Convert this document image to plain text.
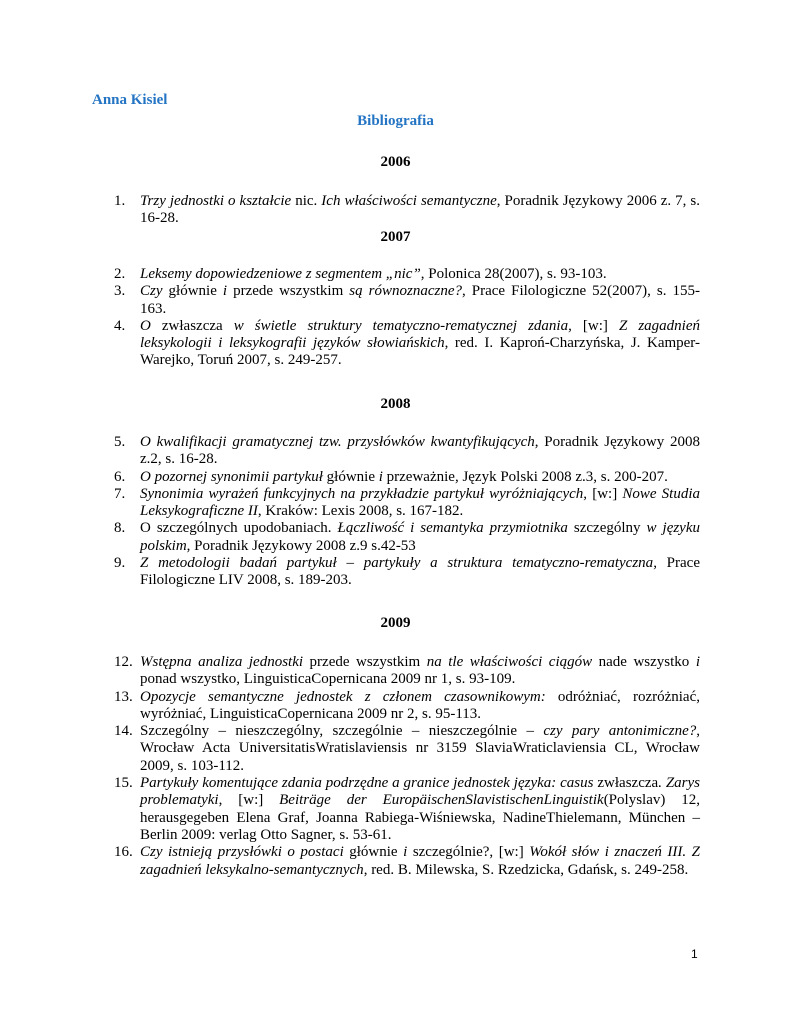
Anna Kisiel
Bibliografia
2006
1. Trzy jednostki o kształcie nic. Ich właściwości semantyczne, Poradnik Językowy 2006 z. 7, s. 16-28.
2007
2. Leksemy dopowiedzeniowe z segmentem „nic”, Polonica 28(2007), s. 93-103.
3. Czy głównie i przede wszystkim są równoznaczne?, Prace Filologiczne 52(2007), s. 155-163.
4. O zwłaszcza w świetle struktury tematyczno-rematycznej zdania, [w:] Z zagadnień leksykologii i leksykografii języków słowiańskich, red. I. Kaproń-Charzyńska, J. Kamper-Warejko, Toruń 2007, s. 249-257.
2008
5. O kwalifikacji gramatycznej tzw. przysłówków kwantyfikujących, Poradnik Językowy 2008 z.2, s. 16-28.
6. O pozornej synonimii partykuł głównie i przeważnie, Język Polski 2008 z.3, s. 200-207.
7. Synonimia wyrażeń funkcyjnych na przykładzie partykuł wyróżniających, [w:] Nowe Studia Leksykograficzne II, Kraków: Lexis 2008, s. 167-182.
8. O szczególnych upodobaniach. Łączliwość i semantyka przymiotnika szczególny w języku polskim, Poradnik Językowy 2008 z.9 s.42-53
9. Z metodologii badań partykuł – partykuły a struktura tematyczno-rematyczna, Prace Filologiczne LIV 2008, s. 189-203.
2009
12. Wstępna analiza jednostki przede wszystkim na tle właściwości ciągów nade wszystko i ponad wszystko, LinguisticaCopernicana 2009 nr 1, s. 93-109.
13. Opozycje semantyczne jednostek z członem czasownikowym: odróżniać, rozróżniać, wyróżniać, LinguisticaCopernicana 2009 nr 2, s. 95-113.
14. Szczególny – nieszczególny, szczególnie – nieszczególnie – czy pary antonimiczne?, Wrocław Acta UniversitatisWratislaviensis nr 3159 SlaviaWraticlaviensia CL, Wrocław 2009, s. 103-112.
15. Partykuły komentujące zdania podrzędne a granice jednostek języka: casus zwłaszcza. Zarys problematyki, [w:] Beiträge der EuropäischenSlavistischenLinguistik(Polyslav) 12, herausgegeben Elena Graf, Joanna Rabiega-Wiśniewska, NadineThielemann, München – Berlin 2009: verlag Otto Sagner, s. 53-61.
16. Czy istnieją przysłówki o postaci głównie i szczególnie?, [w:] Wokół słów i znaczeń III. Z zagadnień leksykalno-semantycznych, red. B. Milewska, S. Rzedzicka, Gdańsk, s. 249-258.
1
